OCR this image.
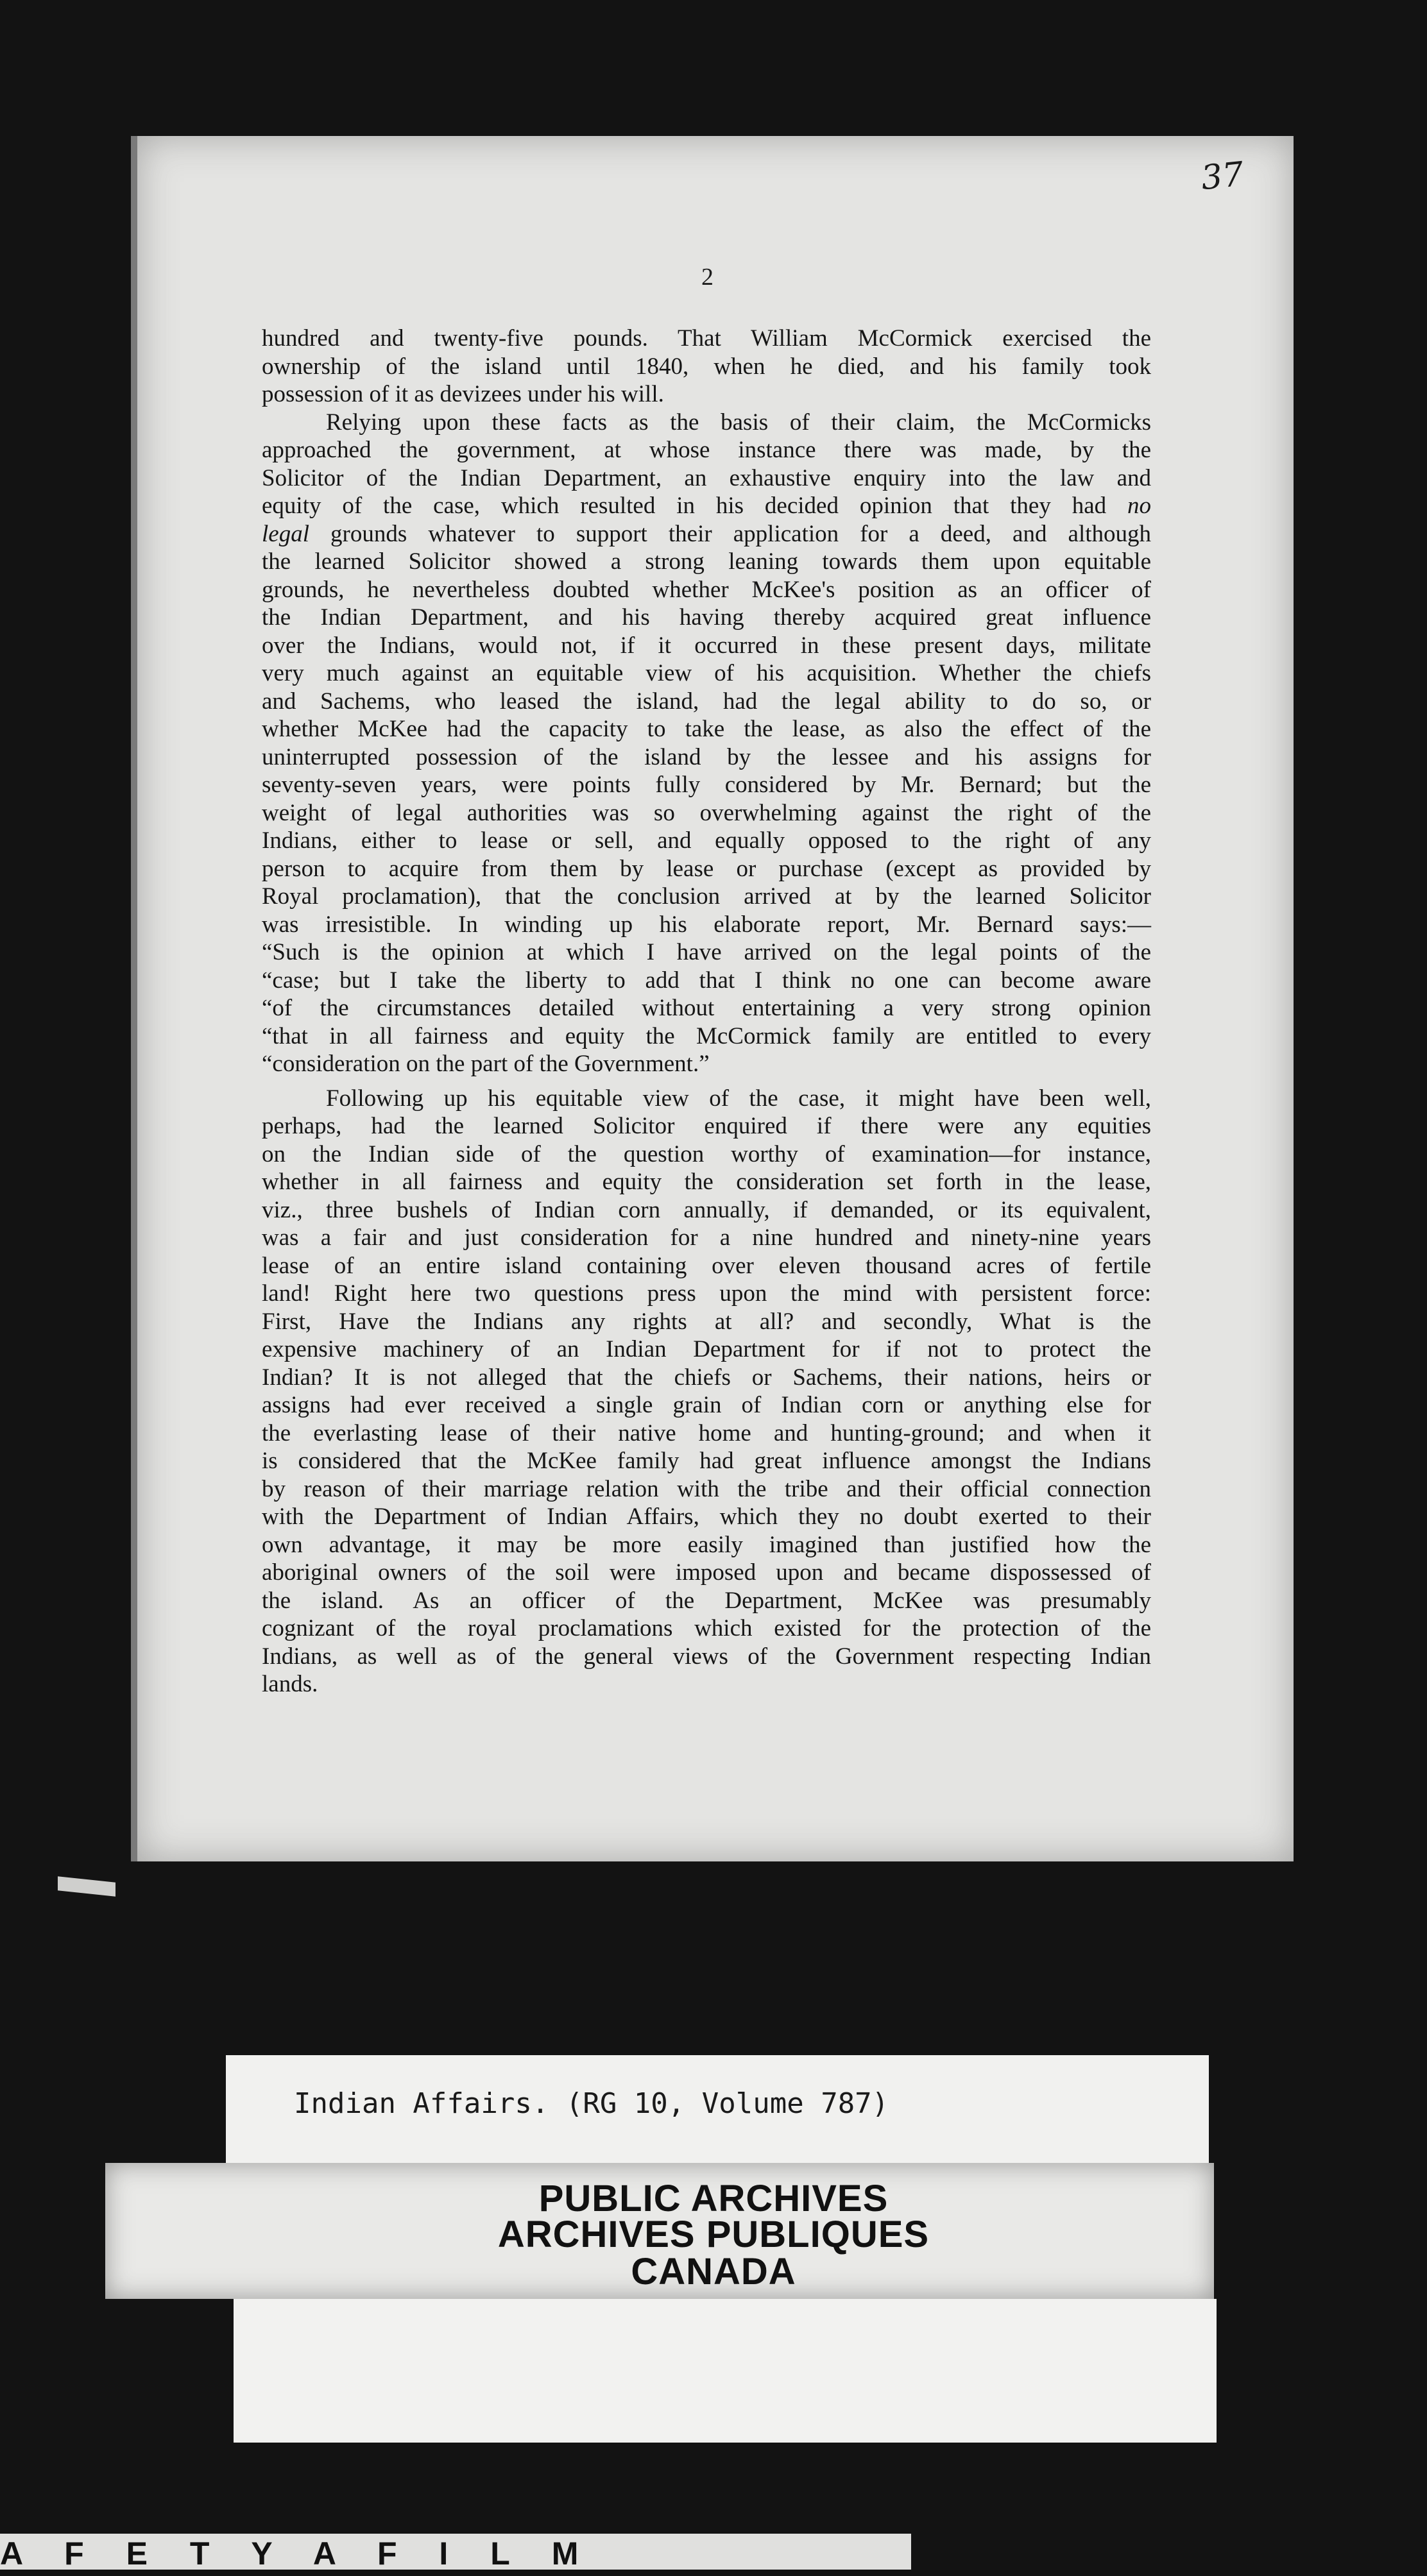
37
2
hundred and twenty-five pounds. That William McCormick exercised the
ownership of the island until 1840, when he died, and his family took
possession of it as devizees under his will.
Relying upon these facts as the basis of their claim, the McCormicks
approached the government, at whose instance there was made, by the
Solicitor of the Indian Department, an exhaustive enquiry into the law and
equity of the case, which resulted in his decided opinion that they had no
legal grounds whatever to support their application for a deed, and although
the learned Solicitor showed a strong leaning towards them upon equitable
grounds, he nevertheless doubted whether McKee's position as an officer of
the Indian Department, and his having thereby acquired great influence
over the Indians, would not, if it occurred in these present days, militate
very much against an equitable view of his acquisition. Whether the chiefs
and Sachems, who leased the island, had the legal ability to do so, or
whether McKee had the capacity to take the lease, as also the effect of the
uninterrupted possession of the island by the lessee and his assigns for
seventy-seven years, were points fully considered by Mr. Bernard; but the
weight of legal authorities was so overwhelming against the right of the
Indians, either to lease or sell, and equally opposed to the right of any
person to acquire from them by lease or purchase (except as provided by
Royal proclamation), that the conclusion arrived at by the learned Solicitor
was irresistible. In winding up his elaborate report, Mr. Bernard says:—
“Such is the opinion at which I have arrived on the legal points of the
“case; but I take the liberty to add that I think no one can become aware
“of the circumstances detailed without entertaining a very strong opinion
“that in all fairness and equity the McCormick family are entitled to every
“consideration on the part of the Government.”
Following up his equitable view of the case, it might have been well,
perhaps, had the learned Solicitor enquired if there were any equities
on the Indian side of the question worthy of examination—for instance,
whether in all fairness and equity the consideration set forth in the lease,
viz., three bushels of Indian corn annually, if demanded, or its equivalent,
was a fair and just consideration for a nine hundred and ninety-nine years
lease of an entire island containing over eleven thousand acres of fertile
land! Right here two questions press upon the mind with persistent force:
First, Have the Indians any rights at all? and secondly, What is the
expensive machinery of an Indian Department for if not to protect the
Indian? It is not alleged that the chiefs or Sachems, their nations, heirs or
assigns had ever received a single grain of Indian corn or anything else for
the everlasting lease of their native home and hunting-ground; and when it
is considered that the McKee family had great influence amongst the Indians
by reason of their marriage relation with the tribe and their official connection
with the Department of Indian Affairs, which they no doubt exerted to their
own advantage, it may be more easily imagined than justified how the
aboriginal owners of the soil were imposed upon and became dispossessed of
the island. As an officer of the Department, McKee was presumably
cognizant of the royal proclamations which existed for the protection of the
Indians, as well as of the general views of the Government respecting Indian
lands.
Indian Affairs. (RG 10, Volume 787)
PUBLIC ARCHIVES
ARCHIVES PUBLIQUES
CANADA
A F E T Y A F I L M
